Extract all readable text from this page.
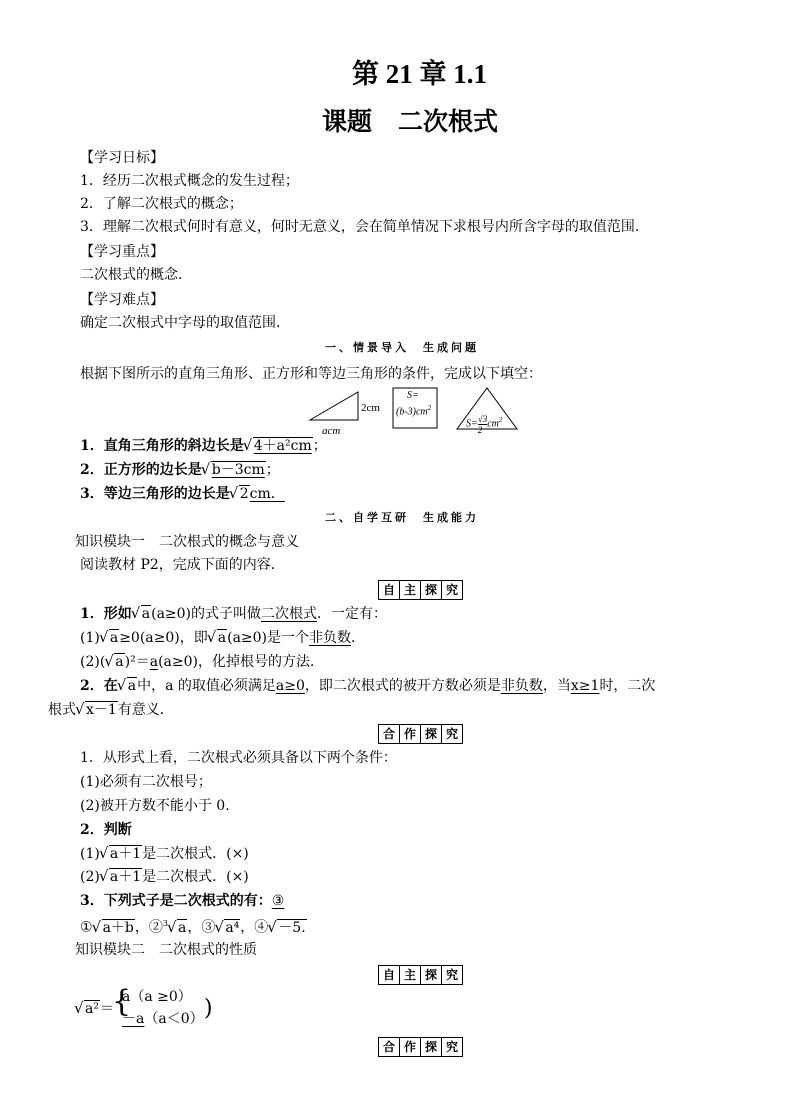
第 21 章 1.1
课题 二次根式
【学习日标】
1．经历二次根式概念的发生过程；
2．了解二次根式的概念；
3．理解二次根式何时有意义，何时无意义，会在简单情况下求根号内所含字母的取值范围．
【学习重点】
二次根式的概念．
【学习难点】
确定二次根式中字母的取值范围．
一、情景导入　生成问题
根据下图所示的直角三角形、正方形和等边三角形的条件，完成以下填空：
2cm
acm
S=
$(b-3)cm^2$
$S= \frac{√3}{2} cm^2$
1．直角三角形的斜边长是 √ 4＋a²cm；
2．正方形的边长是 √ b－3cm；
3．等边三角形的边长是 √ 2cm．
二、自学互研　生成能力
知识模块一　二次根式的概念与意义
阅读教材 P2，完成下面的内容．
自 主 探 究
1．形如 √ a(a≥0)的式子叫做二次根式．一定有：
(1) √ a≥0(a≥0)，即 √ a(a≥0)是一个非负数．
(2)( √ a)²＝a(a≥0)，化掉根号的方法．
2．在 √ a中，a 的取值必须满足a≥0，即二次根式的被开方数必须是非负数，当x≥1时，二次
根式 √ x－1有意义．
合 作 探 究
1．从形式上看，二次根式必须具备以下两个条件：
(1)必须有二次根号；
(2)被开方数不能小于 0.
2．判断
(1) √ a＋1是二次根式．(×)
(2) √ a＋1是二次根式．(×)
3．下列式子是二次根式的有：③
① √ a＋b，②$^3$ √ a，③ √ a⁴，④ √ －5.
知识模块二　二次根式的性质
自 主 探 究
√ a²＝
{
a（a ≥0）
－a（a＜0） )
合 作 探 究
